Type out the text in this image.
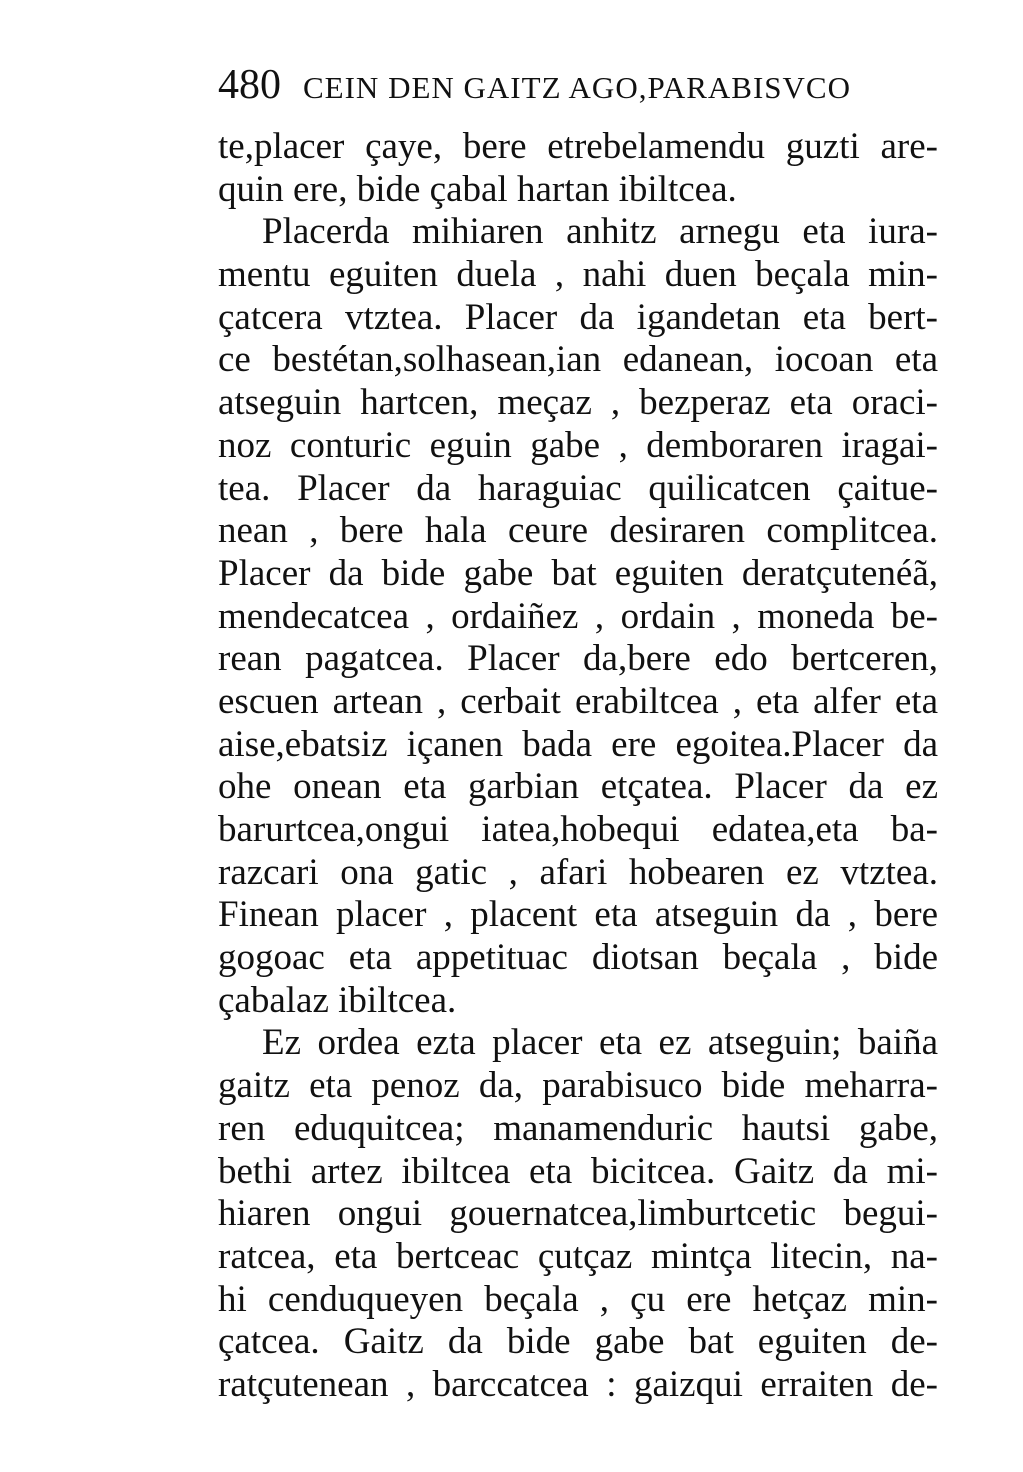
480 CEIN DEN GAITZ AGO,PARABISVCO
te,placer çaye, bere etrebelamendu guzti are-
quin ere, bide çabal hartan ibiltcea.
Placerda mihiaren anhitz arnegu eta iura-
mentu eguiten duela , nahi duen beçala min-
çatcera vtztea. Placer da igandetan eta bert-
ce bestétan,solhasean,ian edanean, iocoan eta
atseguin hartcen, meçaz , bezperaz eta oraci-
noz conturic eguin gabe , demboraren iragai-
tea. Placer da haraguiac quilicatcen çaitue-
nean , bere hala ceure desiraren complitcea.
Placer da bide gabe bat eguiten deratçutenéã,
mendecatcea , ordaiñez , ordain , moneda be-
rean pagatcea. Placer da,bere edo bertceren,
escuen artean , cerbait erabiltcea , eta alfer eta
aise,ebatsiz içanen bada ere egoitea.Placer da
ohe onean eta garbian etçatea. Placer da ez
barurtcea,ongui iatea,hobequi edatea,eta ba-
razcari ona gatic , afari hobearen ez vtztea.
Finean placer , placent eta atseguin da , bere
gogoac eta appetituac diotsan beçala , bide
çabalaz ibiltcea.
Ez ordea ezta placer eta ez atseguin; baiña
gaitz eta penoz da, parabisuco bide meharra-
ren eduquitcea; manamenduric hautsi gabe,
bethi artez ibiltcea eta bicitcea. Gaitz da mi-
hiaren ongui gouernatcea,limburtcetic begui-
ratcea, eta bertceac çutçaz mintça litecin, na-
hi cenduqueyen beçala , çu ere hetçaz min-
çatcea. Gaitz da bide gabe bat eguiten de-
ratçutenean , barccatcea : gaizqui erraiten de-
